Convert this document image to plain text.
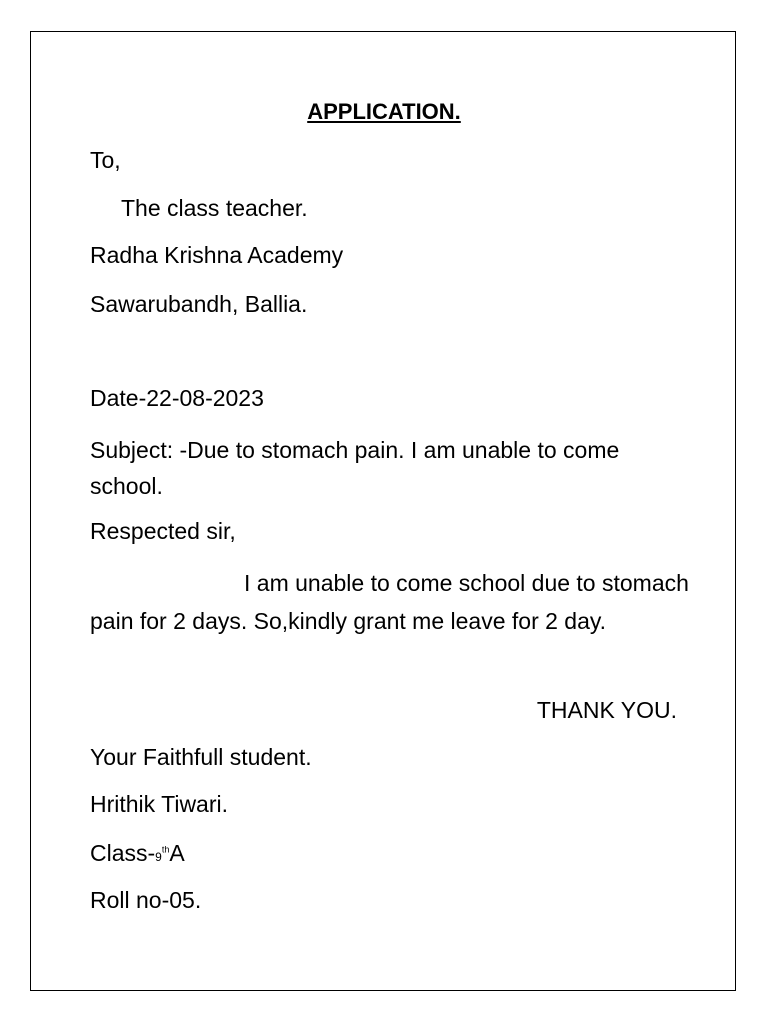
APPLICATION.
To,
The class teacher.
Radha Krishna Academy
Sawarubandh, Ballia.
Date-22-08-2023
Subject: -Due to stomach pain. I am unable to come school.
Respected sir,
I am unable to come school due to stomach pain for 2 days. So,kindly grant me leave for 2 day.
THANK YOU.
Your Faithfull student.
Hrithik Tiwari.
Class-9thA
Roll no-05.
